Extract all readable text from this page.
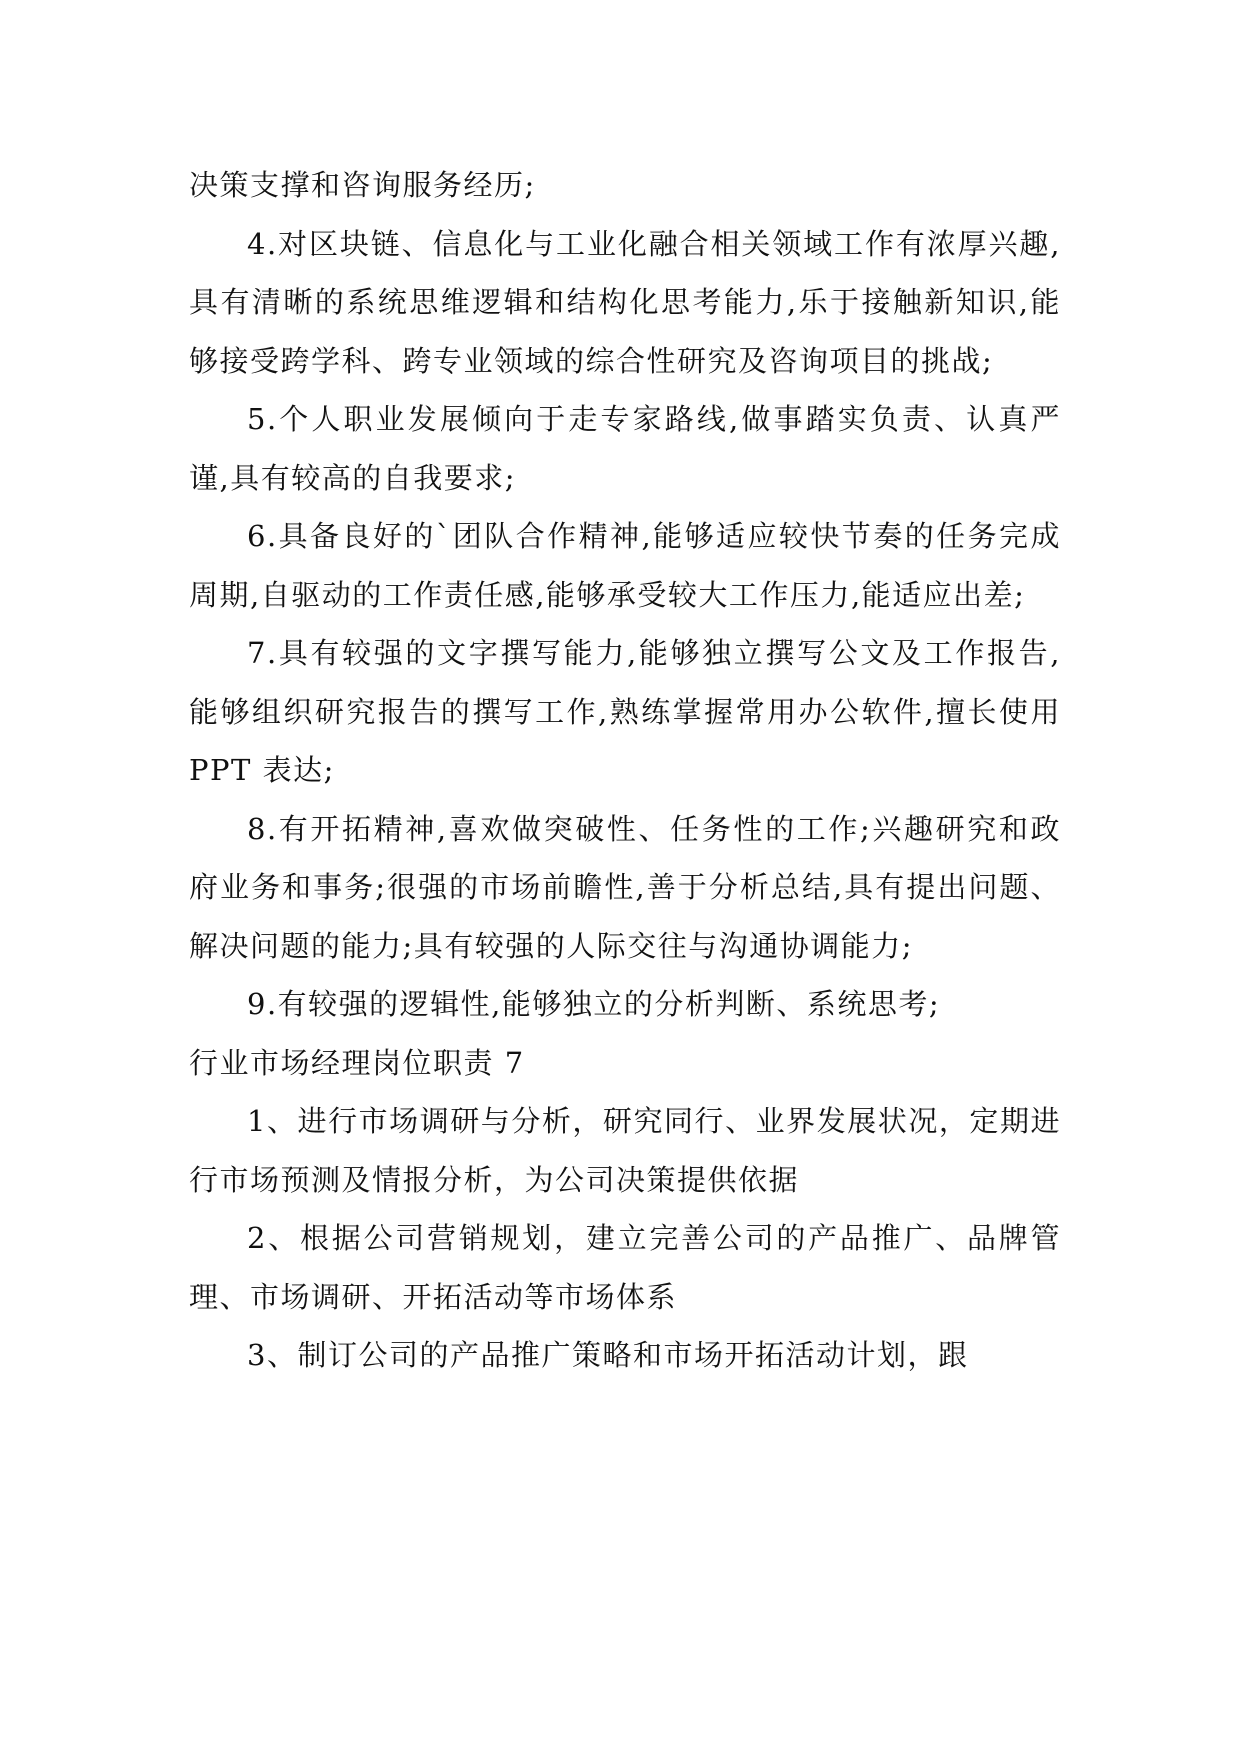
决策支撑和咨询服务经历;

4.对区块链、信息化与工业化融合相关领域工作有浓厚兴趣,具有清晰的系统思维逻辑和结构化思考能力,乐于接触新知识,能够接受跨学科、跨专业领域的综合性研究及咨询项目的挑战;

5.个人职业发展倾向于走专家路线,做事踏实负责、认真严谨,具有较高的自我要求;

6.具备良好的`团队合作精神,能够适应较快节奏的任务完成周期,自驱动的工作责任感,能够承受较大工作压力,能适应出差;

7.具有较强的文字撰写能力,能够独立撰写公文及工作报告,能够组织研究报告的撰写工作,熟练掌握常用办公软件,擅长使用 PPT 表达;

8.有开拓精神,喜欢做突破性、任务性的工作;兴趣研究和政府业务和事务;很强的市场前瞻性,善于分析总结,具有提出问题、解决问题的能力;具有较强的人际交往与沟通协调能力;

9.有较强的逻辑性,能够独立的分析判断、系统思考;

行业市场经理岗位职责 7

1、进行市场调研与分析，研究同行、业界发展状况，定期进行市场预测及情报分析，为公司决策提供依据

2、根据公司营销规划，建立完善公司的产品推广、品牌管理、市场调研、开拓活动等市场体系

3、制订公司的产品推广策略和市场开拓活动计划，跟
